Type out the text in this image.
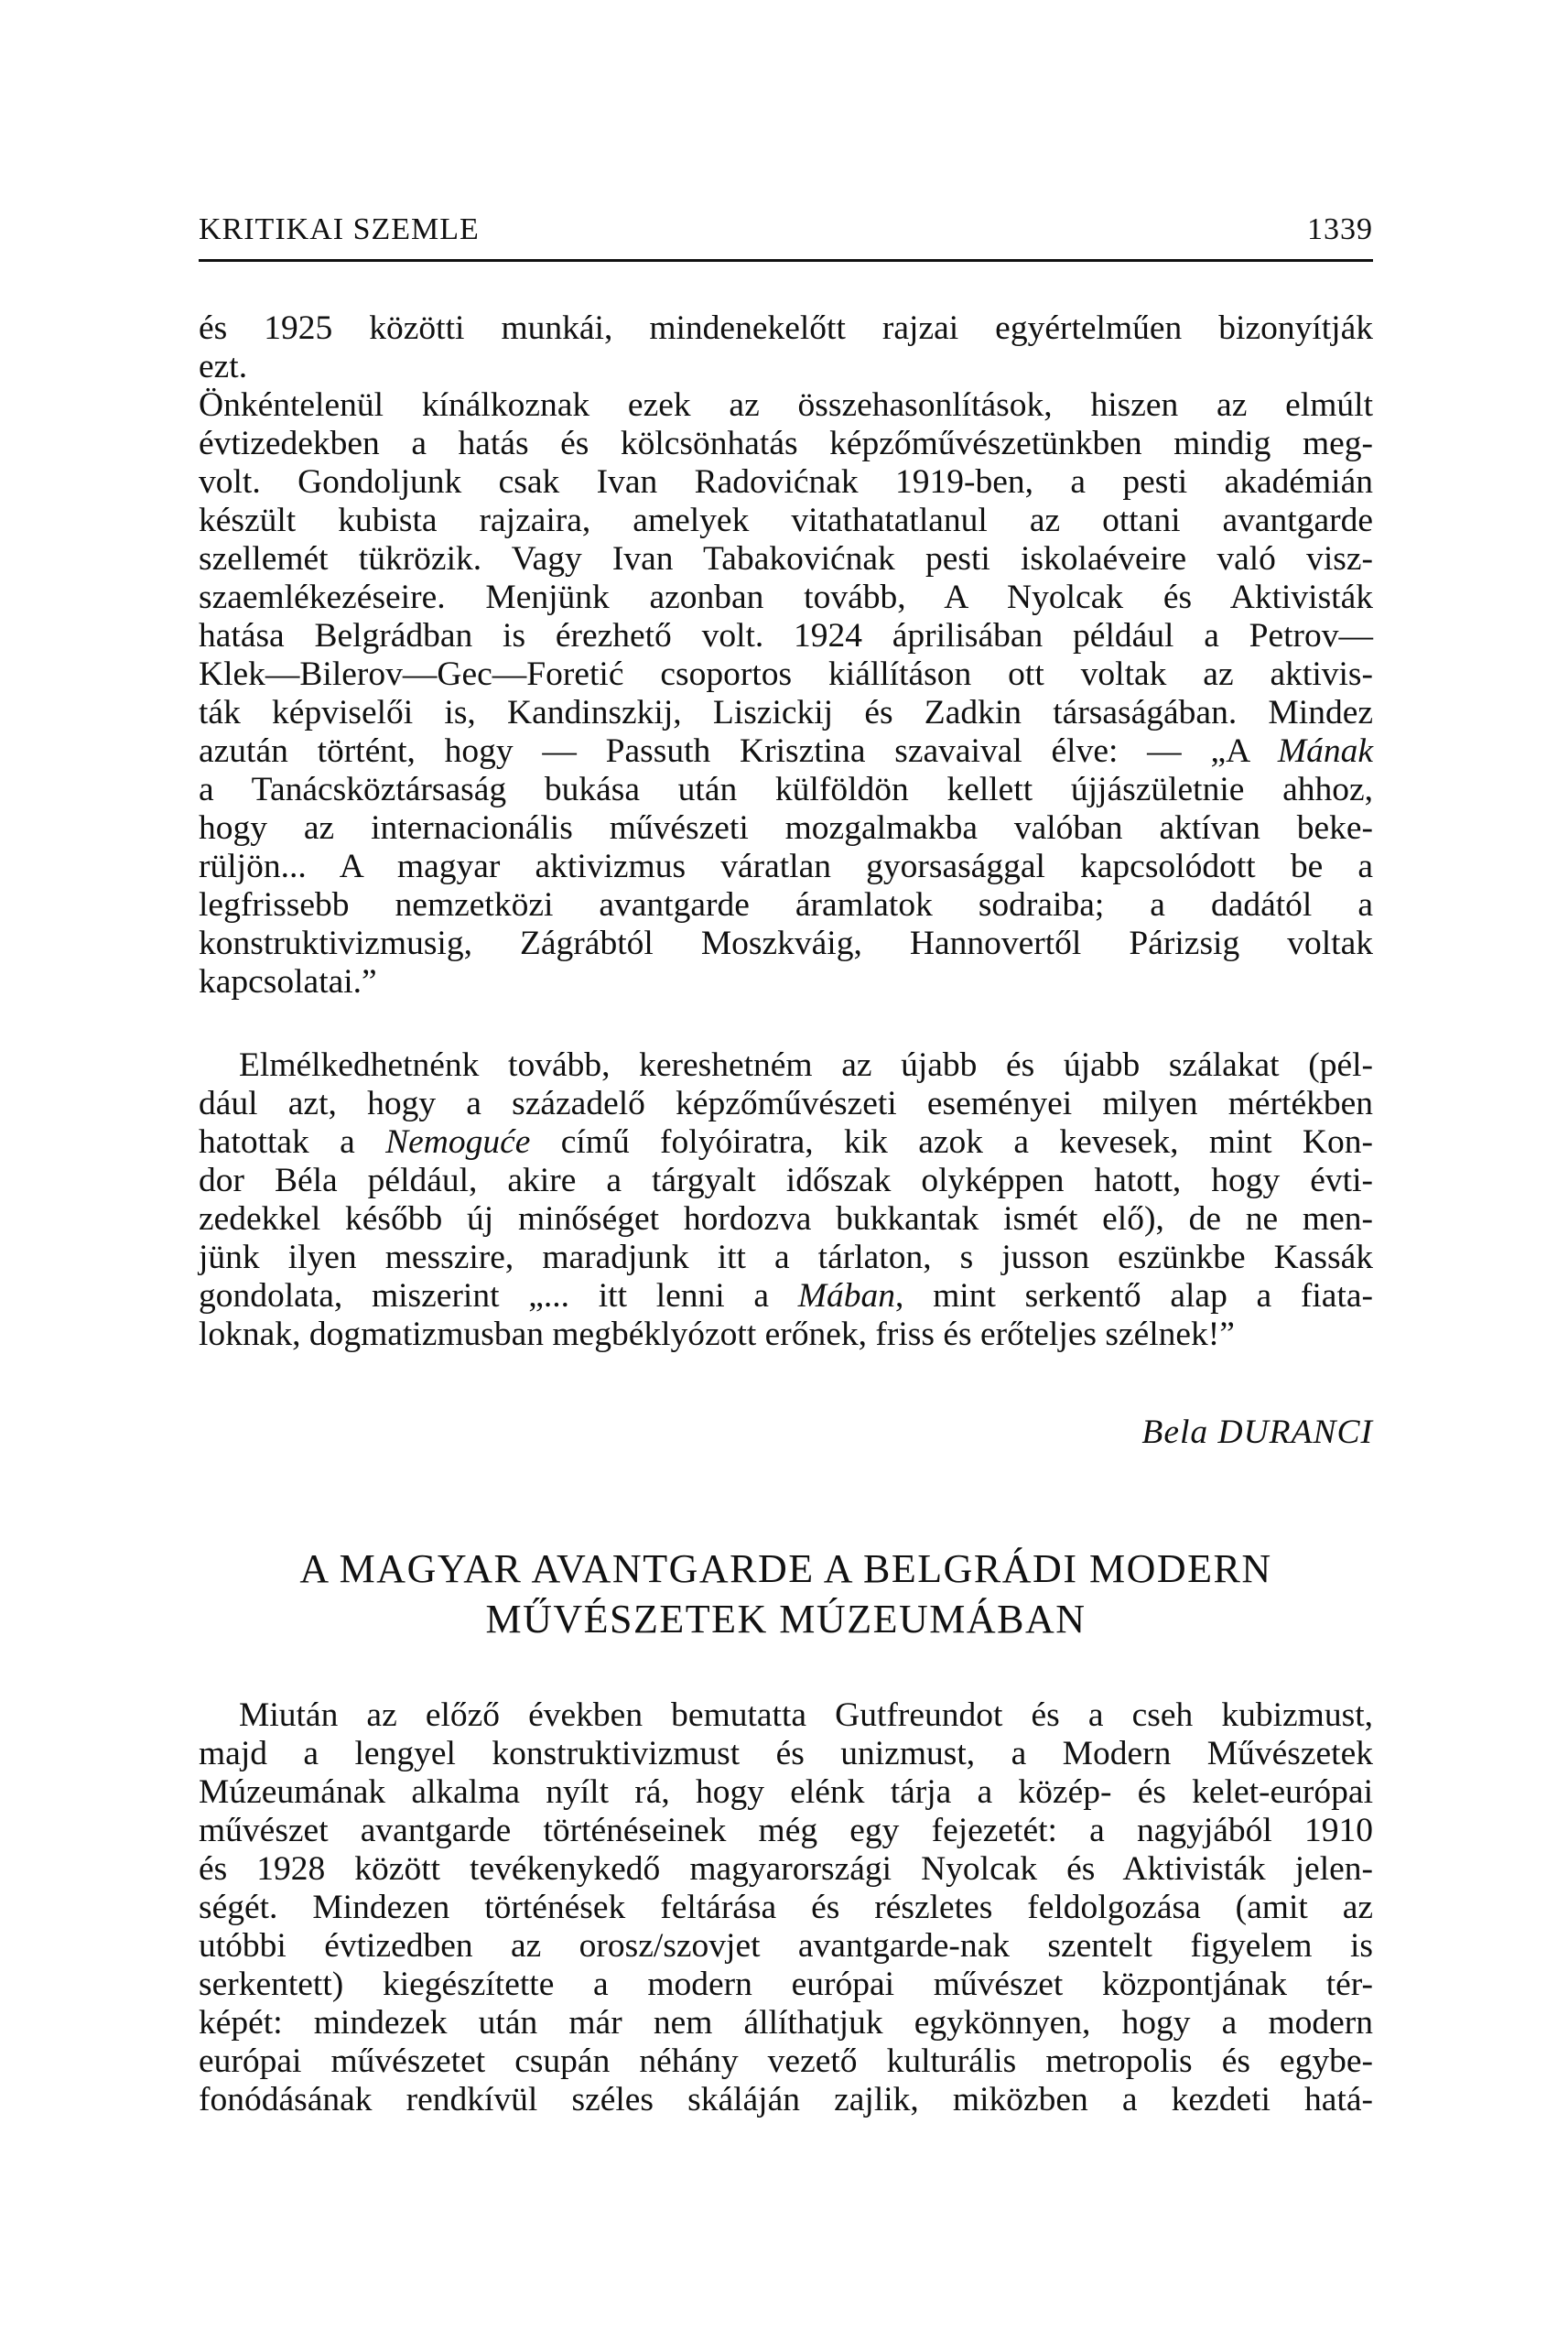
KRITIKAI SZEMLE	1339
és 1925 közötti munkái, mindenekelőtt rajzai egyértelműen bizonyítják
ezt.
Önkéntelenül kínálkoznak ezek az összehasonlítások, hiszen az elmúlt
évtizedekben a hatás és kölcsönhatás képzőművészetünkben mindig meg-
volt. Gondoljunk csak Ivan Radovićnak 1919-ben, a pesti akadémián
készült kubista rajzaira, amelyek vitathatatlanul az ottani avantgarde
szellemét tükrözik. Vagy Ivan Tabakovićnak pesti iskolaéveire való visz-
szaemlékezéseire. Menjünk azonban tovább, A Nyolcak és Aktivisták
hatása Belgrádban is érezhető volt. 1924 áprilisában például a Petrov—
Klek—Bilerov—Gec—Foretić csoportos kiállításon ott voltak az aktivis-
ták képviselői is, Kandinszkij, Liszickij és Zadkin társaságában. Mindez
azután történt, hogy — Passuth Krisztina szavaival élve: — „A Mának
a Tanácsköztársaság bukása után külföldön kellett újjászületnie ahhoz,
hogy az internacionális művészeti mozgalmakba valóban aktívan beke-
rüljön... A magyar aktivizmus váratlan gyorsasággal kapcsolódott be a
legfrissebb nemzetközi avantgarde áramlatok sodraiba; a dadától a
konstruktivizmusig, Zágrábtól Moszkváig, Hannovertől Párizsig voltak
kapcsolatai.”
Elmélkedhetnénk tovább, kereshetném az újabb és újabb szálakat (pél-
dául azt, hogy a századelő képzőművészeti eseményei milyen mértékben
hatottak a Nemoguće című folyóiratra, kik azok a kevesek, mint Kon-
dor Béla például, akire a tárgyalt időszak olyképpen hatott, hogy évti-
zedekkel később új minőséget hordozva bukkantak ismét elő), de ne men-
jünk ilyen messzire, maradjunk itt a tárlaton, s jusson eszünkbe Kassák
gondolata, miszerint „... itt lenni a Mában, mint serkentő alap a fiata-
loknak, dogmatizmusban megbéklyózott erőnek, friss és erőteljes szélnek!”
Bela DURANCI
A MAGYAR AVANTGARDE A BELGRÁDI MODERN
MŰVÉSZETEK MÚZEUMÁBAN
Miután az előző években bemutatta Gutfreundot és a cseh kubizmust,
majd a lengyel konstruktivizmust és unizmust, a Modern Művészetek
Múzeumának alkalma nyílt rá, hogy elénk tárja a közép- és kelet-európai
művészet avantgarde történéseinek még egy fejezetét: a nagyjából 1910
és 1928 között tevékenykedő magyarországi Nyolcak és Aktivisták jelen-
ségét. Mindezen történések feltárása és részletes feldolgozása (amit az
utóbbi évtizedben az orosz/szovjet avantgarde-nak szentelt figyelem is
serkentett) kiegészítette a modern európai művészet központjának tér-
képét: mindezek után már nem állíthatjuk egykönnyen, hogy a modern
európai művészetet csupán néhány vezető kulturális metropolis és egybe-
fonódásának rendkívül széles skáláján zajlik, miközben a kezdeti hatá-
